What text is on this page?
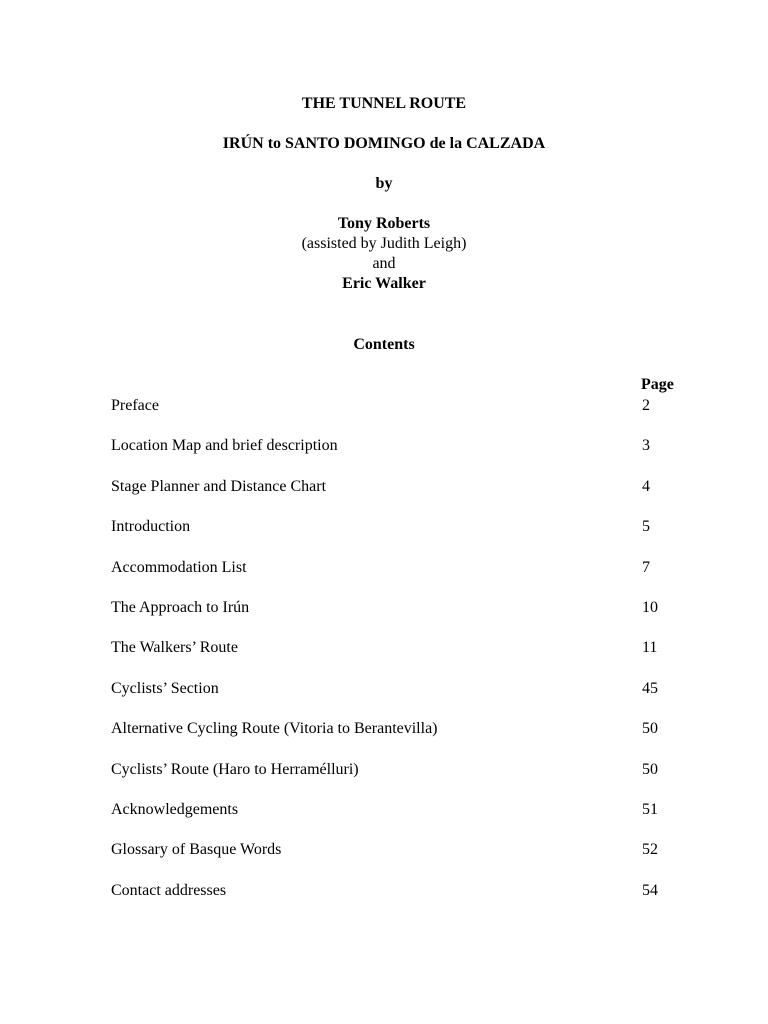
THE TUNNEL ROUTE
IRÚN to SANTO DOMINGO de la CALZADA
by
Tony Roberts
(assisted by Judith Leigh)
and
Eric Walker
Contents
Page
Preface	2
Location Map and brief description	3
Stage Planner and Distance Chart	4
Introduction	5
Accommodation List	7
The Approach to Irún	10
The Walkers’ Route	11
Cyclists’ Section	45
Alternative Cycling Route (Vitoria to Berantevilla)	50
Cyclists’ Route (Haro to Herramélluri)	50
Acknowledgements	51
Glossary of Basque Words	52
Contact addresses	54
